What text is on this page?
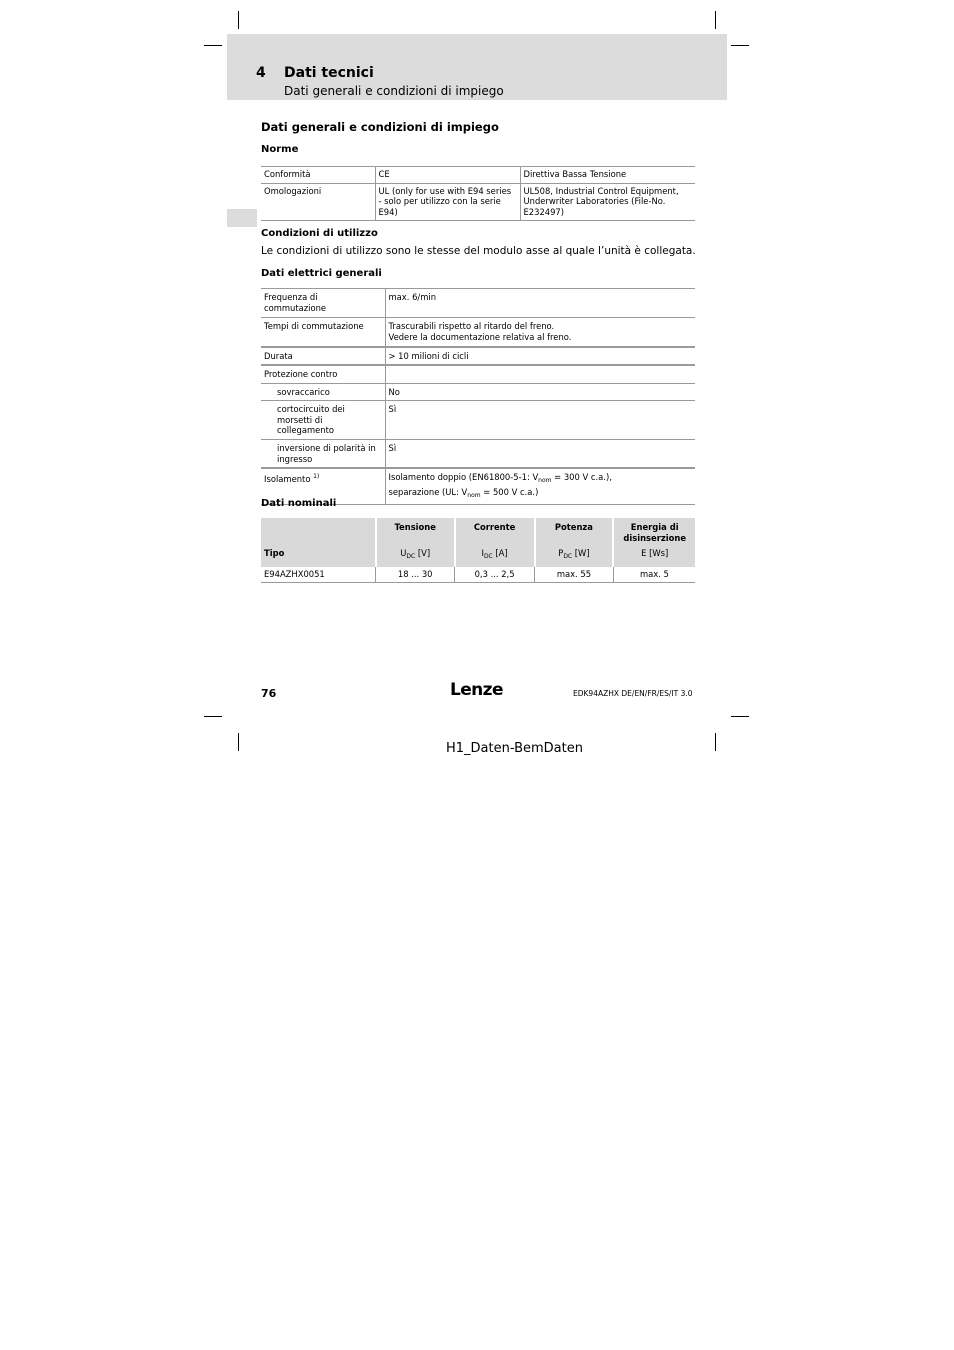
4 Dati tecnici
Dati generali e condizioni di impiego
Dati generali e condizioni di impiego
Norme
Conformità	CE	Direttiva Bassa Tensione
Omologazioni	UL (only for use with E94 series - solo per utilizzo con la serie E94)	UL508, Industrial Control Equipment, Underwriter Laboratories (File-No. E232497)
Condizioni di utilizzo
Le condizioni di utilizzo sono le stesse del modulo asse al quale l’unità è collegata.
Dati elettrici generali
Frequenza di commutazione	max. 6/min
Tempi di commutazione	Trascurabili rispetto al ritardo del freno.
Vedere la documentazione relativa al freno.

Durata	> 10 milioni di cicli
Protezione contro	
sovraccarico	No

cortocircuito dei morsetti di collegamento	Sì
inversione di polarità in ingresso	Sì
Isolamento $^{1)}$	Isolamento doppio (EN61800-5-1: $V_{nom} = 300$ V c.a.),
separazione (UL: $V_{nom} = 500$ V c.a.)
Dati nominali
	Tensione	Corrente	Potenza	Energia di disinserzione

Tipo	$U_{DC}$ [V]	$I_{DC}$ [A]	$P_{DC}$ [W]	E [Ws]
E94AZHX0051	18 ... 30	0,3 ... 2,5	max. 55	max. 5
76	Lenze	EDK94AZHX DE/EN/FR/ES/IT 3.0
H1_Daten-BemDaten
